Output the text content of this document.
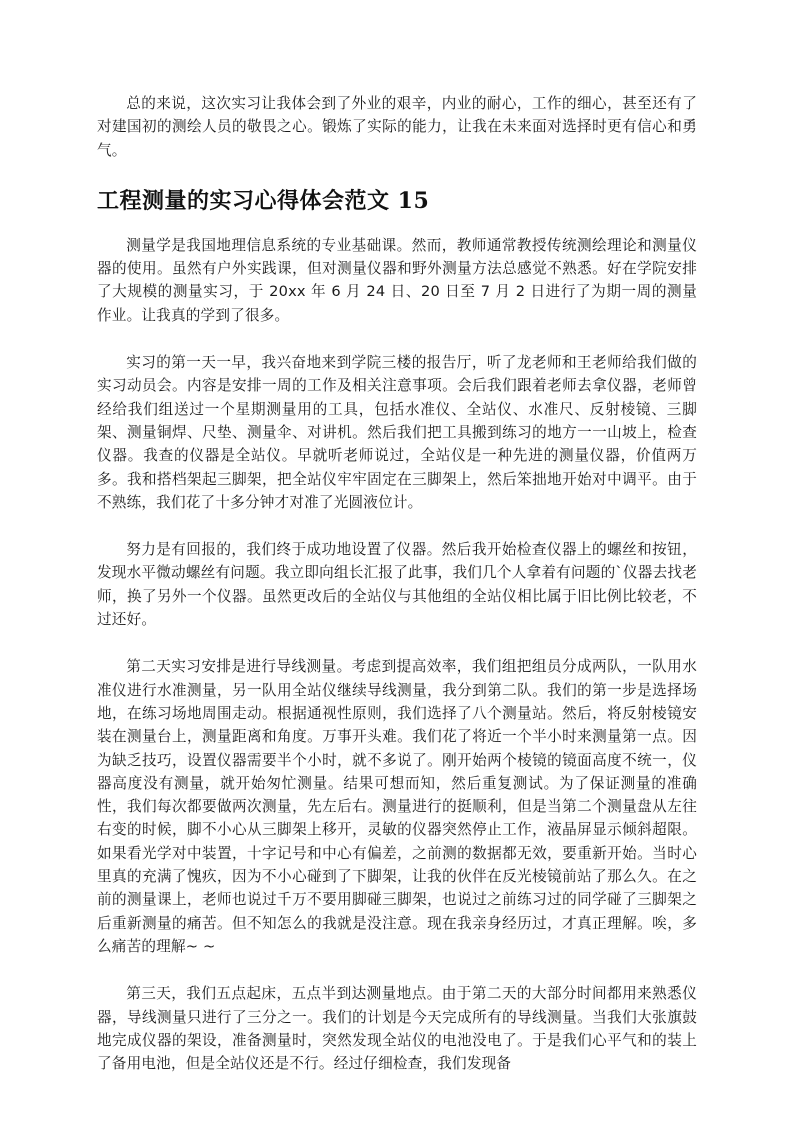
总的来说，这次实习让我体会到了外业的艰辛，内业的耐心，工作的细心，甚至还有了对建国初的测绘人员的敬畏之心。锻炼了实际的能力，让我在未来面对选择时更有信心和勇气。

工程测量的实习心得体会范文 15

测量学是我国地理信息系统的专业基础课。然而，教师通常教授传统测绘理论和测量仪器的使用。虽然有户外实践课，但对测量仪器和野外测量方法总感觉不熟悉。好在学院安排了大规模的测量实习，于 20xx 年 6 月 24 日、20 日至 7 月 2 日进行了为期一周的测量作业。让我真的学到了很多。

实习的第一天一早，我兴奋地来到学院三楼的报告厅，听了龙老师和王老师给我们做的实习动员会。内容是安排一周的工作及相关注意事项。会后我们跟着老师去拿仪器，老师曾经给我们组送过一个星期测量用的工具，包括水准仪、全站仪、水准尺、反射棱镜、三脚架、测量铜焊、尺垫、测量伞、对讲机。然后我们把工具搬到练习的地方一一山坡上，检查仪器。我查的仪器是全站仪。早就听老师说过，全站仪是一种先进的测量仪器，价值两万多。我和搭档架起三脚架，把全站仪牢牢固定在三脚架上，然后笨拙地开始对中调平。由于不熟练，我们花了十多分钟才对准了光圆液位计。

努力是有回报的，我们终于成功地设置了仪器。然后我开始检查仪器上的螺丝和按钮，发现水平微动螺丝有问题。我立即向组长汇报了此事，我们几个人拿着有问题的`仪器去找老师，换了另外一个仪器。虽然更改后的全站仪与其他组的全站仪相比属于旧比例比较老，不过还好。

第二天实习安排是进行导线测量。考虑到提高效率，我们组把组员分成两队，一队用水准仪进行水准测量，另一队用全站仪继续导线测量，我分到第二队。我们的第一步是选择场地，在练习场地周围走动。根据通视性原则，我们选择了八个测量站。然后，将反射棱镜安装在测量台上，测量距离和角度。万事开头难。我们花了将近一个半小时来测量第一点。因为缺乏技巧，设置仪器需要半个小时，就不多说了。刚开始两个棱镜的镜面高度不统一，仪器高度没有测量，就开始匆忙测量。结果可想而知，然后重复测试。为了保证测量的准确性，我们每次都要做两次测量，先左后右。测量进行的挺顺利，但是当第二个测量盘从左往右变的时候，脚不小心从三脚架上移开，灵敏的仪器突然停止工作，液晶屏显示倾斜超限。如果看光学对中装置，十字记号和中心有偏差，之前测的数据都无效，要重新开始。当时心里真的充满了愧疚，因为不小心碰到了下脚架，让我的伙伴在反光棱镜前站了那么久。在之前的测量课上，老师也说过千万不要用脚碰三脚架，也说过之前练习过的同学碰了三脚架之后重新测量的痛苦。但不知怎么的我就是没注意。现在我亲身经历过，才真正理解。唉，多么痛苦的理解~ ~

第三天，我们五点起床，五点半到达测量地点。由于第二天的大部分时间都用来熟悉仪器，导线测量只进行了三分之一。我们的计划是今天完成所有的导线测量。当我们大张旗鼓地完成仪器的架设，准备测量时，突然发现全站仪的电池没电了。于是我们心平气和的装上了备用电池，但是全站仪还是不行。经过仔细检查，我们发现备
